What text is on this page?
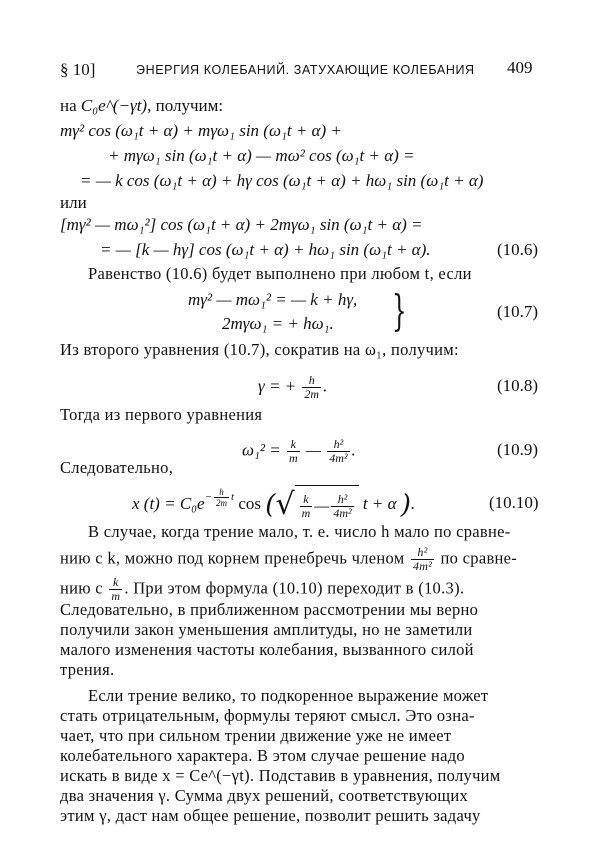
§ 10]	ЭНЕРГИЯ КОЛЕБАНИЙ. ЗАТУХАЮЩИЕ КОЛЕБАНИЯ 409
на C₀e^(−γt), получим:
mγ² cos (ω₁t + α) + mγω₁ sin (ω₁t + α) +
+ mγω₁ sin (ω₁t + α) — mω² cos (ω₁t + α) =
= — k cos (ω₁t + α) + hγ cos (ω₁t + α) + hω₁ sin (ω₁t + α)
или
[mγ² — mω₁²] cos (ω₁t + α) + 2mγω₁ sin (ω₁t + α) =
= — [k — hγ] cos (ω₁t + α) + hω₁ sin (ω₁t + α).	(10.6)
Равенство (10.6) будет выполнено при любом t, если
mγ² — mω₁² = — k + hγ,
2mγω₁ = + hω₁. }	(10.7)
Из второго уравнения (10.7), сократив на ω₁, получим:
γ = + $\frac{h}{2m}$ .	(10.8)
Тогда из первого уравнения
$\omega_1^2 = \frac{k}{m}$ — $\frac{\text{h²}}{\text{4m²}}$ .	(10.9)
Следовательно,
x $(t) = C_0e^{- \frac{h}{2m} t}$ cos (√ $\frac{k}{m}$ — $\frac{\text{h²}}{\text{4m²}}$ t + α ).	(10.10)
В случае, когда трение мало, т. е. число h мало по сравне-
нию с k, можно под корнем пренебречь членом $\frac{\text{h²}}{\text{4m²}}$ по сравне-
нию с $\frac{k}{m}$ . При этом формула (10.10) переходит в (10.3).
Следовательно, в приближенном рассмотрении мы верно
получили закон уменьшения амплитуды, но не заметили
малого изменения частоты колебания, вызванного силой
трения.
Если трение велико, то подкоренное выражение может
стать отрицательным, формулы теряют смысл. Это озна-
чает, что при сильном трении движение уже не имеет
колебательного характера. В этом случае решение надо
искать в виде x = Ce^(−γt). Подставив в уравнения, получим
два значения γ. Сумма двух решений, соответствующих
этим γ, даст нам общее решение, позволит решить задачу
